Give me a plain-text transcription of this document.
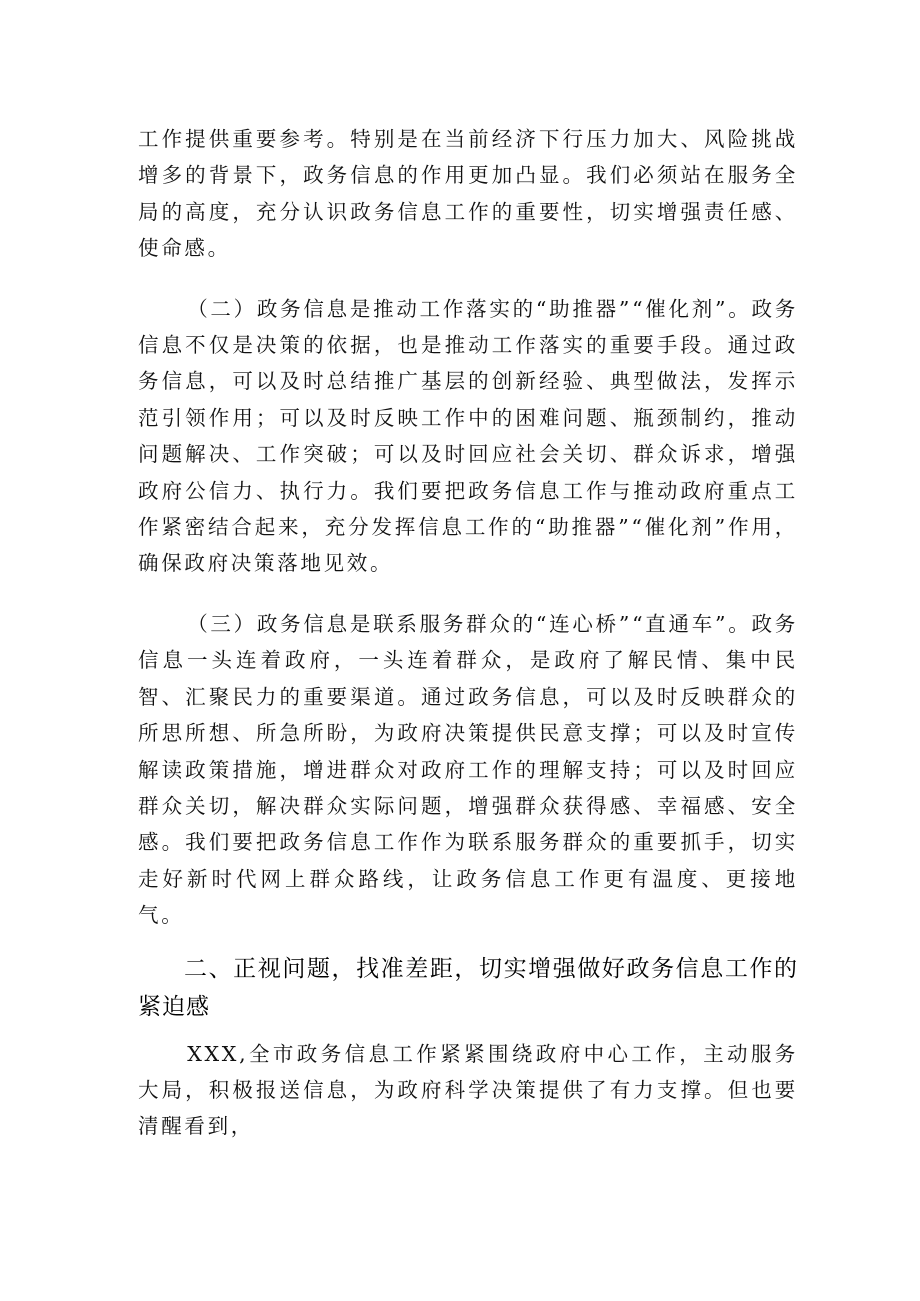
工作提供重要参考。特别是在当前经济下行压力加大、风险挑战增多的背景下，政务信息的作用更加凸显。我们必须站在服务全局的高度，充分认识政务信息工作的重要性，切实增强责任感、使命感。

（二）政务信息是推动工作落实的“助推器”“催化剂”。政务信息不仅是决策的依据，也是推动工作落实的重要手段。通过政务信息，可以及时总结推广基层的创新经验、典型做法，发挥示范引领作用；可以及时反映工作中的困难问题、瓶颈制约，推动问题解决、工作突破；可以及时回应社会关切、群众诉求，增强政府公信力、执行力。我们要把政务信息工作与推动政府重点工作紧密结合起来，充分发挥信息工作的“助推器”“催化剂”作用，确保政府决策落地见效。

（三）政务信息是联系服务群众的“连心桥”“直通车”。政务信息一头连着政府，一头连着群众，是政府了解民情、集中民智、汇聚民力的重要渠道。通过政务信息，可以及时反映群众的所思所想、所急所盼，为政府决策提供民意支撑；可以及时宣传解读政策措施，增进群众对政府工作的理解支持；可以及时回应群众关切，解决群众实际问题，增强群众获得感、幸福感、安全感。我们要把政务信息工作作为联系服务群众的重要抓手，切实走好新时代网上群众路线，让政务信息工作更有温度、更接地气。

二、正视问题，找准差距，切实增强做好政务信息工作的紧迫感

XXX,全市政务信息工作紧紧围绕政府中心工作，主动服务大局，积极报送信息，为政府科学决策提供了有力支撑。但也要清醒看到，
